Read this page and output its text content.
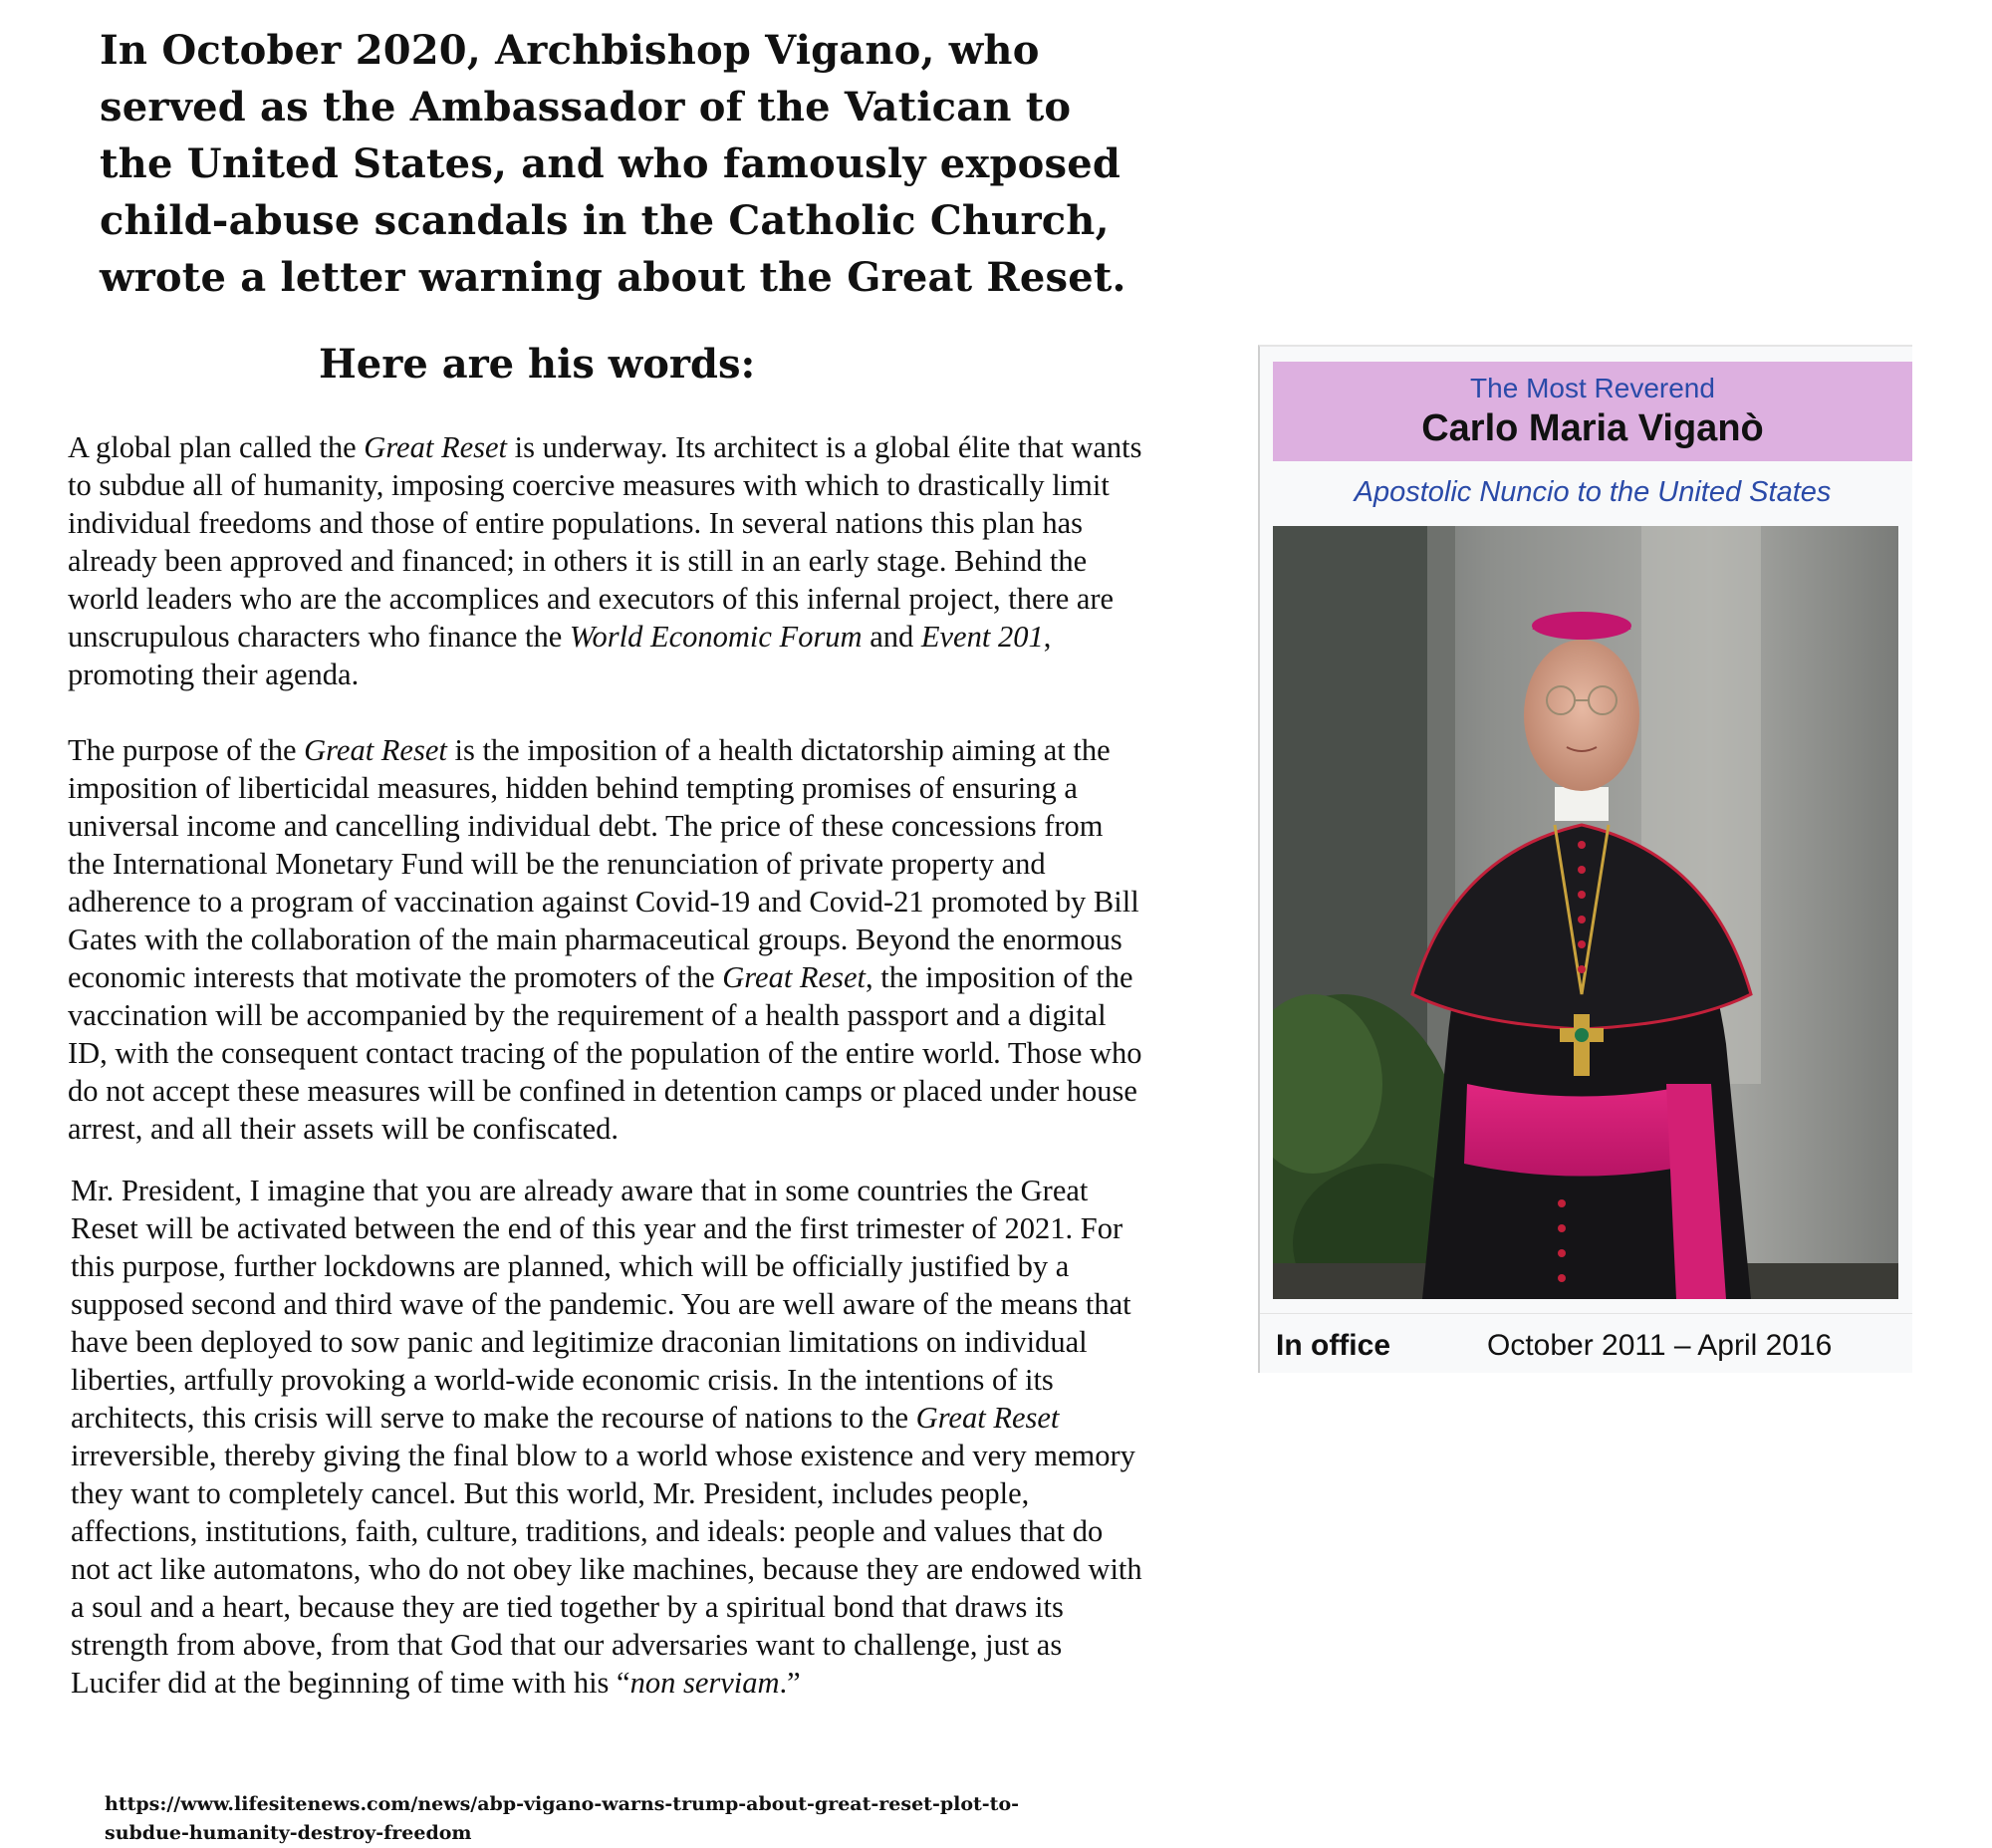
In October 2020, Archbishop Vigano, who served as the Ambassador of the Vatican to the United States, and who famously exposed child-abuse scandals in the Catholic Church, wrote a letter warning about the Great Reset.
Here are his words:

A global plan called the Great Reset is underway. Its architect is a global élite that wants to subdue all of humanity, imposing coercive measures with which to drastically limit individual freedoms and those of entire populations. In several nations this plan has already been approved and financed; in others it is still in an early stage. Behind the world leaders who are the accomplices and executors of this infernal project, there are unscrupulous characters who finance the World Economic Forum and Event 201, promoting their agenda.

The purpose of the Great Reset is the imposition of a health dictatorship aiming at the imposition of liberticidal measures, hidden behind tempting promises of ensuring a universal income and cancelling individual debt. The price of these concessions from the International Monetary Fund will be the renunciation of private property and adherence to a program of vaccination against Covid-19 and Covid-21 promoted by Bill Gates with the collaboration of the main pharmaceutical groups. Beyond the enormous economic interests that motivate the promoters of the Great Reset, the imposition of the vaccination will be accompanied by the requirement of a health passport and a digital ID, with the consequent contact tracing of the population of the entire world. Those who do not accept these measures will be confined in detention camps or placed under house arrest, and all their assets will be confiscated.

Mr. President, I imagine that you are already aware that in some countries the Great Reset will be activated between the end of this year and the first trimester of 2021. For this purpose, further lockdowns are planned, which will be officially justified by a supposed second and third wave of the pandemic. You are well aware of the means that have been deployed to sow panic and legitimize draconian limitations on individual liberties, artfully provoking a world-wide economic crisis. In the intentions of its architects, this crisis will serve to make the recourse of nations to the Great Reset irreversible, thereby giving the final blow to a world whose existence and very memory they want to completely cancel. But this world, Mr. President, includes people, affections, institutions, faith, culture, traditions, and ideals: people and values that do not act like automatons, who do not obey like machines, because they are endowed with a soul and a heart, because they are tied together by a spiritual bond that draws its strength from above, from that God that our adversaries want to challenge, just as Lucifer did at the beginning of time with his “non serviam.”

https://www.lifesitenews.com/news/abp-vigano-warns-trump-about-great-reset-plot-to-subdue-humanity-destroy-freedom
The Most Reverend
Carlo Maria Viganò
Apostolic Nuncio to the United States
In office	October 2011 – April 2016
